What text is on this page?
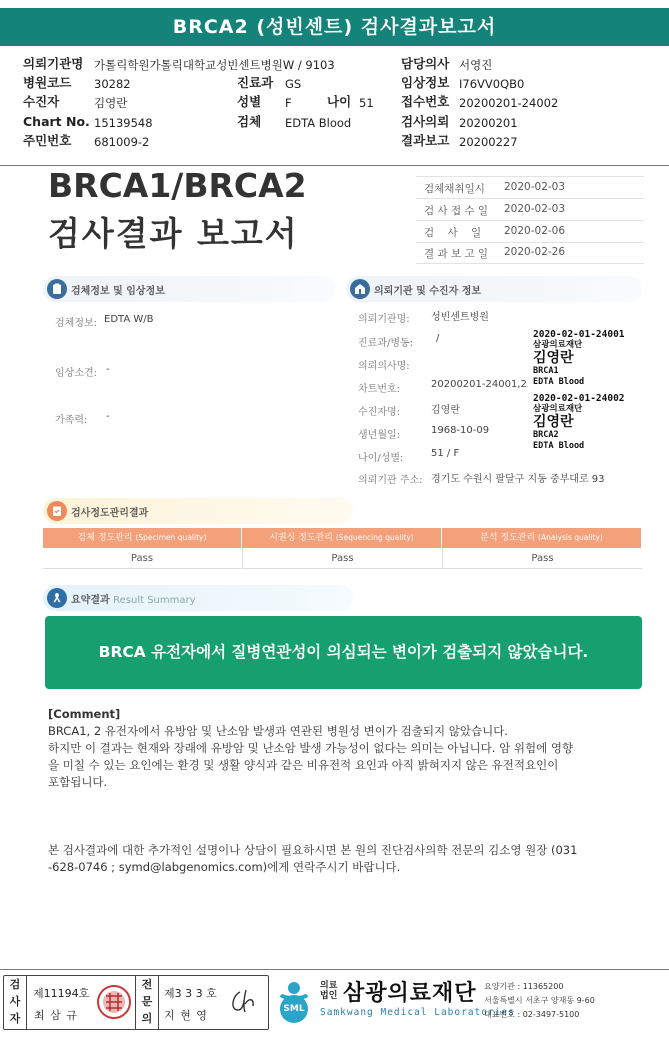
BRCA2 (성빈센트) 검사결과보고서
의뢰기관명 가톨릭학원가톨릭대학교성빈센트병원W / 9103	담당의사 서영진
병원코드 30282	진료과 GS	임상정보 I76VV0QB0
수진자	김영란	성별 F	나이 51 접수번호 20200201-24002
Chart No. 15139548	검체 EDTA Blood	검사의뢰 20200201
주민번호 681009-2	결과보고 20200227
BRCA1/BRCA2
검사결과 보고서
검체채취일시 2020-02-03
검 사 접 수 일 2020-02-03
검    사    일 2020-02-06
결 과 보 고 일 2020-02-26
검체정보 및 임상정보
검체정보: EDTA W/B
임상소견: -
가족력: -
의뢰기관 및 수진자 정보
의뢰기관명: 성빈센트병원
진료과/병동: /
의뢰의사명:
차트번호:	20200201-24001,2
수진자명:	김영란
생년월일:	1968-10-09
나이/성별:	51 / F
의뢰기관 주소: 경기도 수원시 팔달구 지동 중부대로 93
2020-02-01-24001
삼광의료재단
김영란
BRCA1
EDTA Blood
2020-02-01-24002
삼광의료재단
김영란
BRCA2
EDTA Blood
검사정도관리결과
검체 정도관리 (Specimen quality)	시퀀싱 정도관리 (Sequencing quality)	분석 정도관리 (Analysis quality)
Pass	Pass	Pass
요약결과 Result Summary
BRCA 유전자에서 질병연관성이 의심되는 변이가 검출되지 않았습니다.
[Comment]
BRCA1, 2 유전자에서 유방암 및 난소암 발생과 연관된 병원성 변이가 검출되지 않았습니다.
하지만 이 결과는 현재와 장래에 유방암 및 난소암 발생 가능성이 없다는 의미는 아닙니다. 암 위험에 영향
을 미칠 수 있는 요인에는 환경 및 생활 양식과 같은 비유전적 요인과 아직 밝혀지지 않은 유전적요인이
포함됩니다.
본 검사결과에 대한 추가적인 설명이나 상담이 필요하시면 본 원의 진단검사의학 전문의 김소영 원장 (031
-628-0746 ; symd@labgenomics.com)에게 연락주시기 바랍니다.
검
사
자
제11194호
최 삼 규
전
문
의
제3 3 3 호
지 현 영	SML
의료
법인 삼광의료재단
Samkwang Medical Laboratories
요양기관 : 11365200
서울특별시 서초구 양재동 9-60
대표번호 : 02-3497-5100
